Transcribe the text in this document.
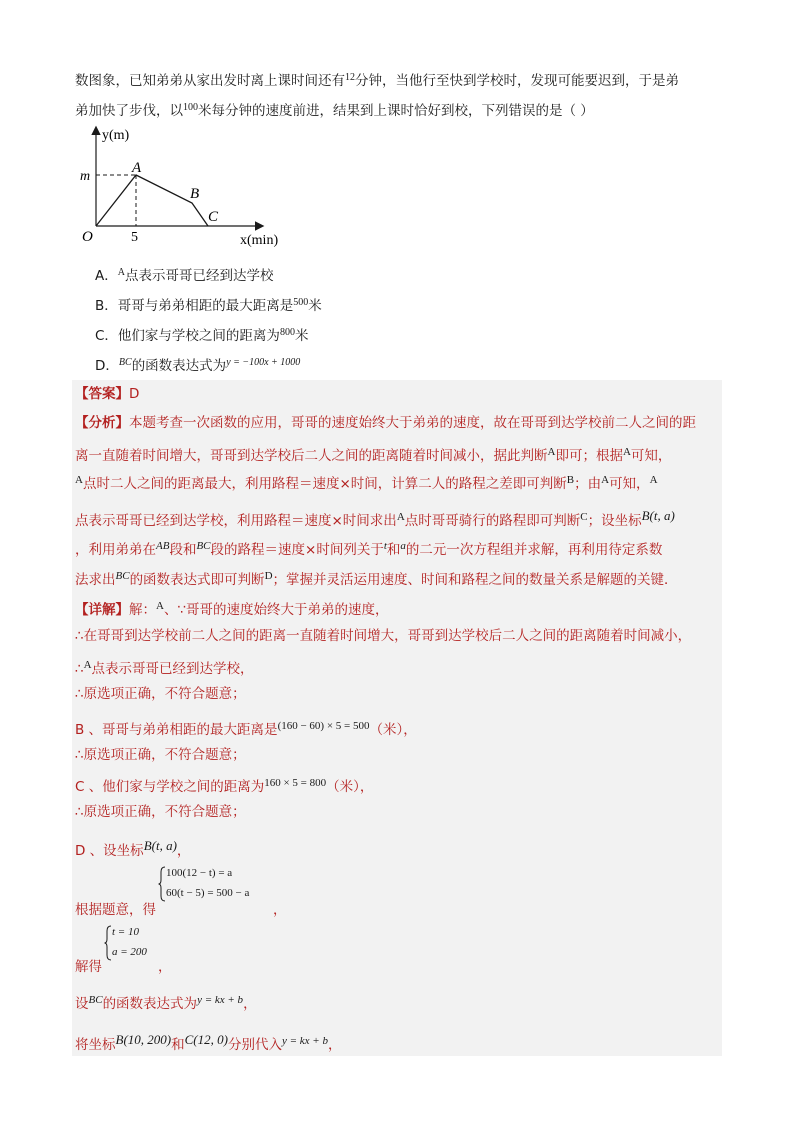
数图象，已知弟弟从家出发时离上课时间还有$^{12}$分钟，当他行至快到学校时，发现可能要迟到，于是弟
弟加快了步伐，以$^{100}$米每分钟的速度前进，结果到上课时恰好到校，下列错误的是（ ）
y(m)
x(min)
m
5
O
A
B
C
A．$^A$点表示哥哥已经到达学校
B．哥哥与弟弟相距的最大距离是$^{500}$米
C．他们家与学校之间的距离为$^{800}$米
D．$^{BC}$的函数表达式为$^{y = -100x + 1000}$
【答案】D
【分析】本题考查一次函数的应用，哥哥的速度始终大于弟弟的速度，故在哥哥到达学校前二人之间的距
离一直随着时间增大，哥哥到达学校后二人之间的距离随着时间减小，据此判断$^A$即可；根据$^A$可知，
$^A$点时二人之间的距离最大，利用路程＝速度×时间，计算二人的路程之差即可判断$^B$；由$^A$可知，$^A$
点表示哥哥已经到达学校，利用路程＝速度×时间求出$^A$点时哥哥骑行的路程即可判断$^C$；设坐标B(t, a)
，利用弟弟在$^{AB}$段和$^{BC}$段的路程＝速度×时间列关于$^t$和$^a$的二元一次方程组并求解，再利用待定系数
法求出$^{BC}$的函数表达式即可判断$^D$；掌握并灵活运用速度、时间和路程之间的数量关系是解题的关键．
【详解】解：$^A$、∵哥哥的速度始终大于弟弟的速度，
∴在哥哥到达学校前二人之间的距离一直随着时间增大，哥哥到达学校后二人之间的距离随着时间减小，
∴$^A$点表示哥哥已经到达学校，
∴原选项正确，不符合题意；
B 、哥哥与弟弟相距的最大距离是$^{(160 - 60) \times 5 = 500}$（米），
∴原选项正确，不符合题意；
C 、他们家与学校之间的距离为$^{160 \times 5 = 800}$（米），
∴原选项正确，不符合题意；
D 、设坐标B(t, a)，
根据题意，得
100(12 − t) = a
60(t − 5) = 500 − a
，
解得
t = 10
a = 200
，
设$^{BC}$的函数表达式为$^{y = kx + b}$，
将坐标B(10, 200)和C(12, 0)分别代入$^{y = kx + b}$，
